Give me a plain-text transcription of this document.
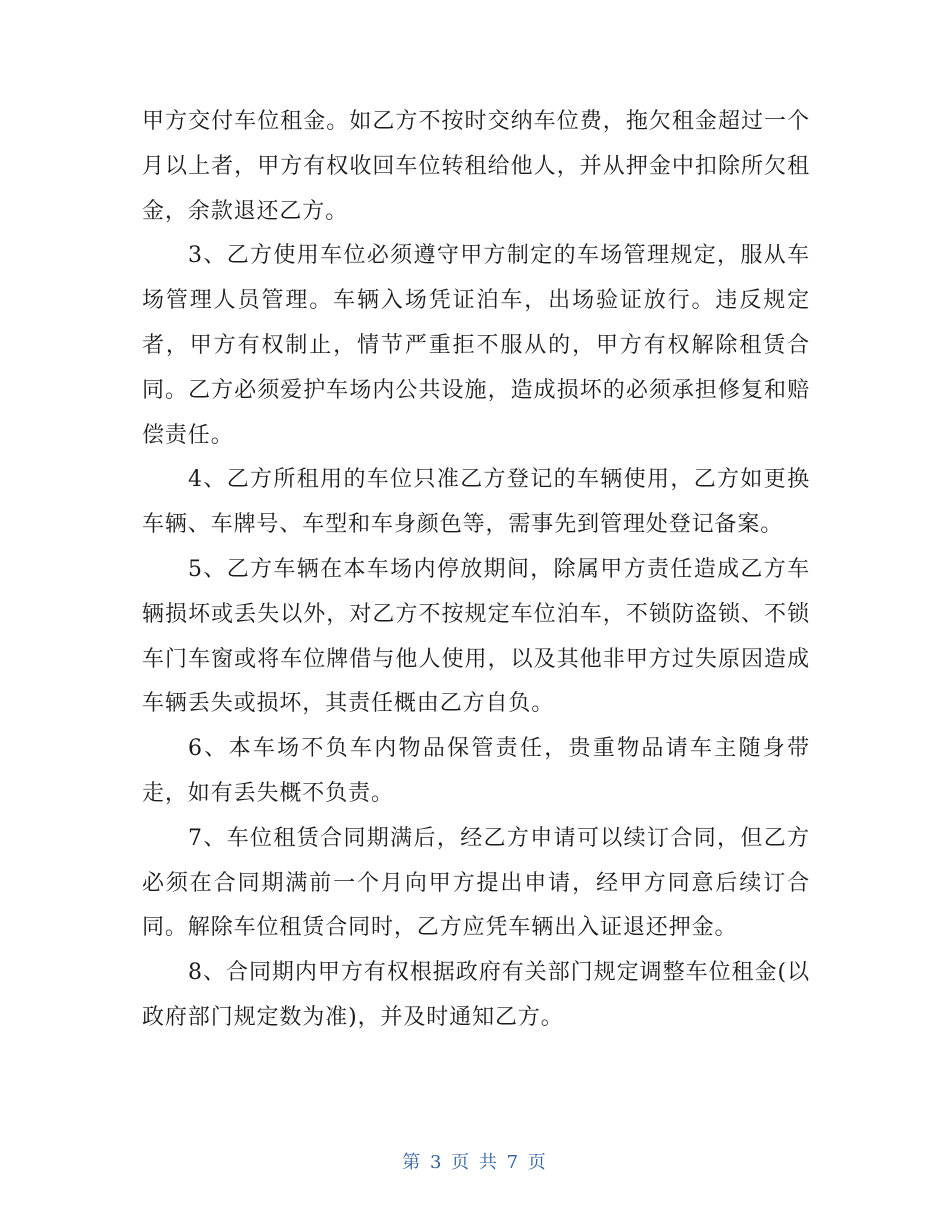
甲方交付车位租金。如乙方不按时交纳车位费，拖欠租金超过一个月以上者，甲方有权收回车位转租给他人，并从押金中扣除所欠租金，余款退还乙方。

3、乙方使用车位必须遵守甲方制定的车场管理规定，服从车场管理人员管理。车辆入场凭证泊车，出场验证放行。违反规定者，甲方有权制止，情节严重拒不服从的，甲方有权解除租赁合同。乙方必须爱护车场内公共设施，造成损坏的必须承担修复和赔偿责任。

4、乙方所租用的车位只准乙方登记的车辆使用，乙方如更换车辆、车牌号、车型和车身颜色等，需事先到管理处登记备案。

5、乙方车辆在本车场内停放期间，除属甲方责任造成乙方车辆损坏或丢失以外，对乙方不按规定车位泊车，不锁防盗锁、不锁车门车窗或将车位牌借与他人使用，以及其他非甲方过失原因造成车辆丢失或损坏，其责任概由乙方自负。

6、本车场不负车内物品保管责任，贵重物品请车主随身带走，如有丢失概不负责。

7、车位租赁合同期满后，经乙方申请可以续订合同，但乙方必须在合同期满前一个月向甲方提出申请，经甲方同意后续订合同。解除车位租赁合同时，乙方应凭车辆出入证退还押金。

8、合同期内甲方有权根据政府有关部门规定调整车位租金(以政府部门规定数为准)，并及时通知乙方。

第 3 页 共 7 页
